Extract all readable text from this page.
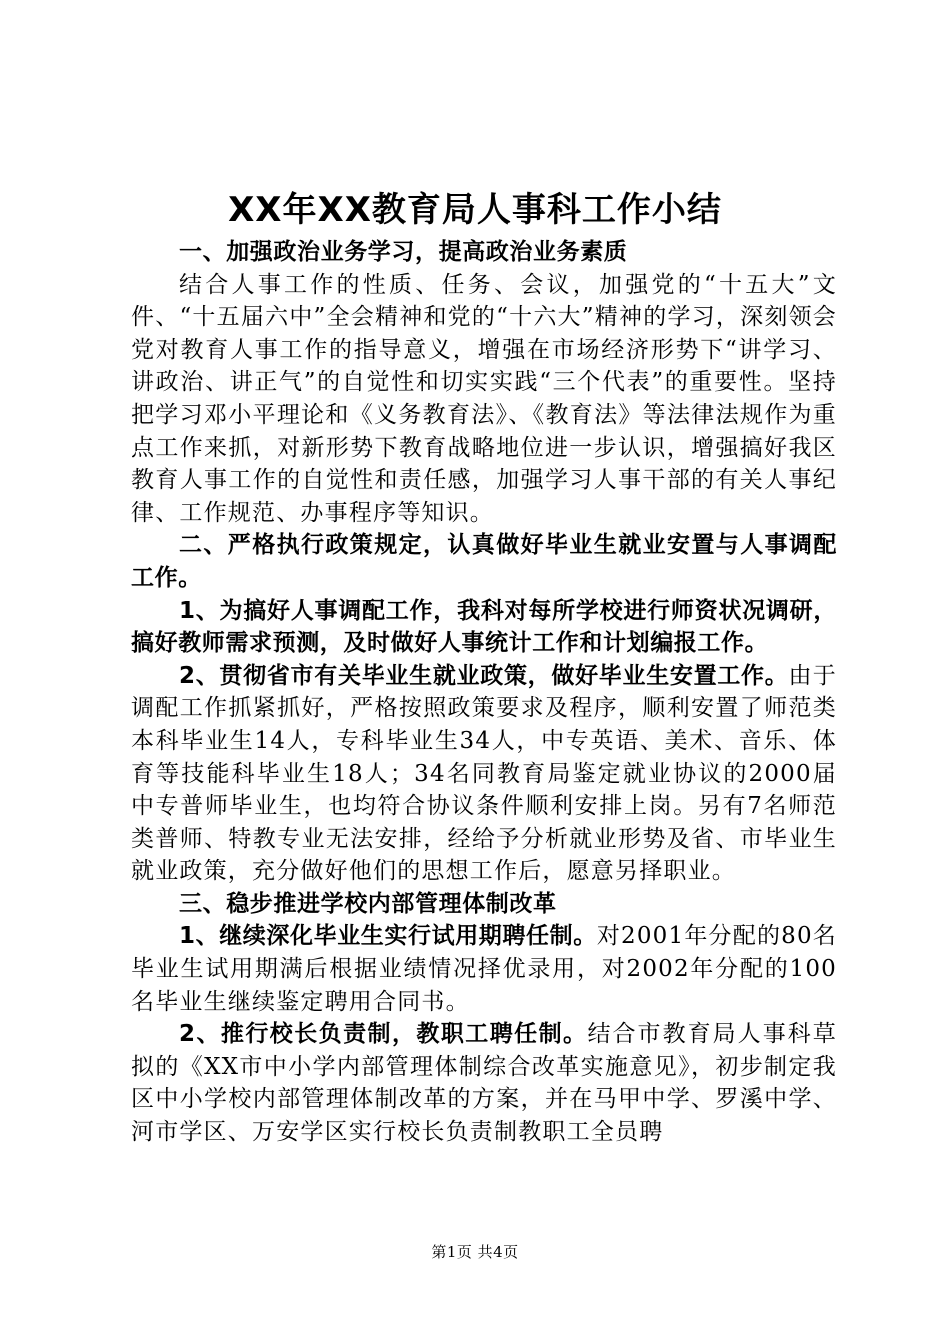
XX年XX教育局人事科工作小结

一、加强政治业务学习，提高政治业务素质

结合人事工作的性质、任务、会议，加强党的“十五大”文件、“十五届六中”全会精神和党的“十六大”精神的学习，深刻领会党对教育人事工作的指导意义，增强在市场经济形势下“讲学习、讲政治、讲正气”的自觉性和切实实践“三个代表”的重要性。坚持把学习邓小平理论和《义务教育法》、《教育法》等法律法规作为重点工作来抓，对新形势下教育战略地位进一步认识，增强搞好我区教育人事工作的自觉性和责任感，加强学习人事干部的有关人事纪律、工作规范、办事程序等知识。

二、严格执行政策规定，认真做好毕业生就业安置与人事调配工作。

1、为搞好人事调配工作，我科对每所学校进行师资状况调研，搞好教师需求预测，及时做好人事统计工作和计划编报工作。

2、贯彻省市有关毕业生就业政策，做好毕业生安置工作。由于调配工作抓紧抓好，严格按照政策要求及程序，顺利安置了师范类本科毕业生14人，专科毕业生34人，中专英语、美术、音乐、体育等技能科毕业生18人；34名同教育局鉴定就业协议的2000届中专普师毕业生，也均符合协议条件顺利安排上岗。另有7名师范类普师、特教专业无法安排，经给予分析就业形势及省、市毕业生就业政策，充分做好他们的思想工作后，愿意另择职业。

三、稳步推进学校内部管理体制改革

1、继续深化毕业生实行试用期聘任制。对2001年分配的80名毕业生试用期满后根据业绩情况择优录用，对2002年分配的100名毕业生继续鉴定聘用合同书。

2、推行校长负责制，教职工聘任制。结合市教育局人事科草拟的《XX市中小学内部管理体制综合改革实施意见》，初步制定我区中小学校内部管理体制改革的方案，并在马甲中学、罗溪中学、河市学区、万安学区实行校长负责制教职工全员聘

第1页 共4页
